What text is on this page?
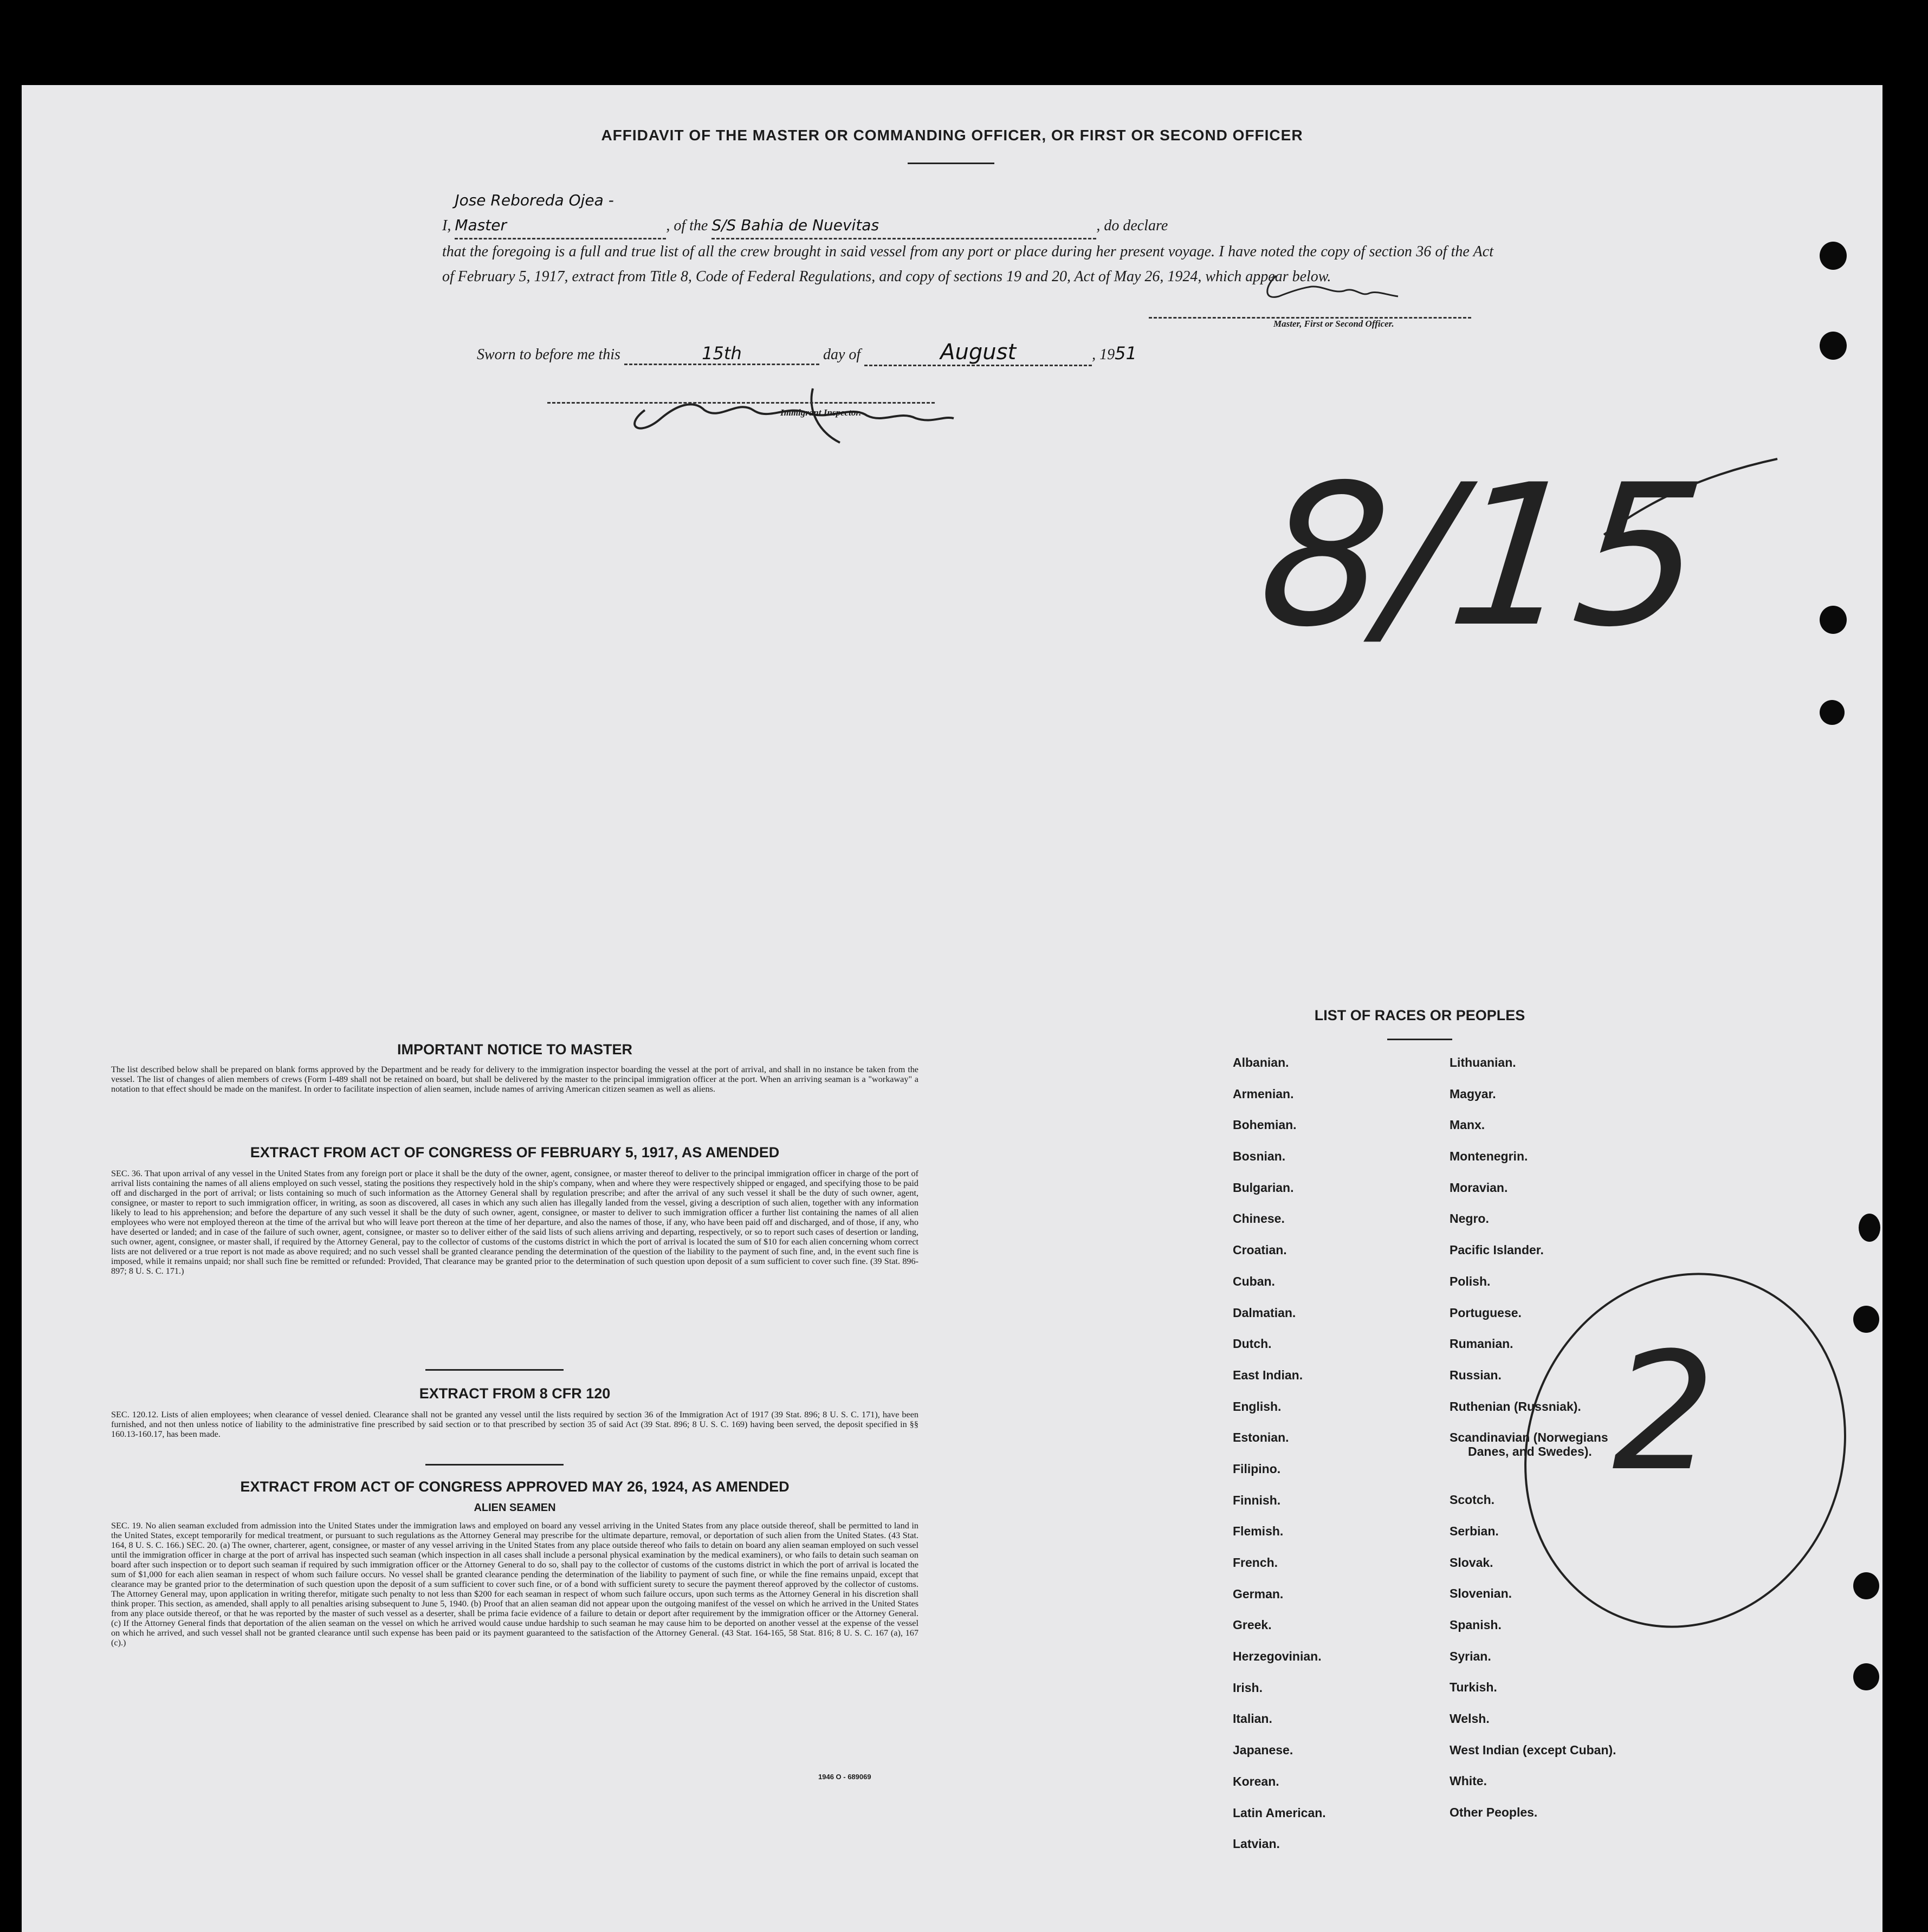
AFFIDAVIT OF THE MASTER OR COMMANDING OFFICER, OR FIRST OR SECOND OFFICER
I, Jose Reboreda Ojea - Master	, of the S/S Bahia de Nuevitas	, do declare
that the foregoing is a full and true list of all the crew brought in said vessel from any port or place during her present voyage. I have noted the copy of section 36 of the Act of February 5, 1917, extract from Title 8, Code of Federal Regulations, and copy of sections 19 and 20, Act of May 26, 1924, which appear below.
Master, First or Second Officer.
Sworn to before me this	15th	day of	August	, 1951
Immigrant Inspector.
8/15
2
IMPORTANT NOTICE TO MASTER
The list described below shall be prepared on blank forms approved by the Department and be ready for delivery to the immigration inspector boarding the vessel at the port of arrival, and shall in no instance be taken from the vessel. The list of changes of alien members of crews (Form I-489 shall not be retained on board, but shall be delivered by the master to the principal immigration officer at the port. When an arriving seaman is a "workaway" a notation to that effect should be made on the manifest. In order to facilitate inspection of alien seamen, include names of arriving American citizen seamen as well as aliens.
EXTRACT FROM ACT OF CONGRESS OF FEBRUARY 5, 1917, AS AMENDED
SEC. 36. That upon arrival of any vessel in the United States from any foreign port or place it shall be the duty of the owner, agent, consignee, or master thereof to deliver to the principal immigration officer in charge of the port of arrival lists containing the names of all aliens employed on such vessel, stating the positions they respectively hold in the ship's company, when and where they were respectively shipped or engaged, and specifying those to be paid off and discharged in the port of arrival; or lists containing so much of such information as the Attorney General shall by regulation prescribe; and after the arrival of any such vessel it shall be the duty of such owner, agent, consignee, or master to report to such immigration officer, in writing, as soon as discovered, all cases in which any such alien has illegally landed from the vessel, giving a description of such alien, together with any information likely to lead to his apprehension; and before the departure of any such vessel it shall be the duty of such owner, agent, consignee, or master to deliver to such immigration officer a further list containing the names of all alien employees who were not employed thereon at the time of the arrival but who will leave port thereon at the time of her departure, and also the names of those, if any, who have been paid off and discharged, and of those, if any, who have deserted or landed; and in case of the failure of such owner, agent, consignee, or master so to deliver either of the said lists of such aliens arriving and departing, respectively, or so to report such cases of desertion or landing, such owner, agent, consignee, or master shall, if required by the Attorney General, pay to the collector of customs of the customs district in which the port of arrival is located the sum of $10 for each alien concerning whom correct lists are not delivered or a true report is not made as above required; and no such vessel shall be granted clearance pending the determination of the question of the liability to the payment of such fine, and, in the event such fine is imposed, while it remains unpaid; nor shall such fine be remitted or refunded: Provided, That clearance may be granted prior to the determination of such question upon deposit of a sum sufficient to cover such fine. (39 Stat. 896-897; 8 U. S. C. 171.)
EXTRACT FROM 8 CFR 120
SEC. 120.12. Lists of alien employees; when clearance of vessel denied. Clearance shall not be granted any vessel until the lists required by section 36 of the Immigration Act of 1917 (39 Stat. 896; 8 U. S. C. 171), have been furnished, and not then unless notice of liability to the administrative fine prescribed by said section or to that prescribed by section 35 of said Act (39 Stat. 896; 8 U. S. C. 169) having been served, the deposit specified in §§ 160.13-160.17, has been made.
EXTRACT FROM ACT OF CONGRESS APPROVED MAY 26, 1924, AS AMENDED
ALIEN SEAMEN
SEC. 19. No alien seaman excluded from admission into the United States under the immigration laws and employed on board any vessel arriving in the United States from any place outside thereof, shall be permitted to land in the United States, except temporarily for medical treatment, or pursuant to such regulations as the Attorney General may prescribe for the ultimate departure, removal, or deportation of such alien from the United States. (43 Stat. 164, 8 U. S. C. 166.) SEC. 20. (a) The owner, charterer, agent, consignee, or master of any vessel arriving in the United States from any place outside thereof who fails to detain on board any alien seaman employed on such vessel until the immigration officer in charge at the port of arrival has inspected such seaman (which inspection in all cases shall include a personal physical examination by the medical examiners), or who fails to detain such seaman on board after such inspection or to deport such seaman if required by such immigration officer or the Attorney General to do so, shall pay to the collector of customs of the customs district in which the port of arrival is located the sum of $1,000 for each alien seaman in respect of whom such failure occurs. No vessel shall be granted clearance pending the determination of the liability to payment of such fine, or while the fine remains unpaid, except that clearance may be granted prior to the determination of such question upon the deposit of a sum sufficient to cover such fine, or of a bond with sufficient surety to secure the payment thereof approved by the collector of customs. The Attorney General may, upon application in writing therefor, mitigate such penalty to not less than $200 for each seaman in respect of whom such failure occurs, upon such terms as the Attorney General in his discretion shall think proper. This section, as amended, shall apply to all penalties arising subsequent to June 5, 1940. (b) Proof that an alien seaman did not appear upon the outgoing manifest of the vessel on which he arrived in the United States from any place outside thereof, or that he was reported by the master of such vessel as a deserter, shall be prima facie evidence of a failure to detain or deport after requirement by the immigration officer or the Attorney General. (c) If the Attorney General finds that deportation of the alien seaman on the vessel on which he arrived would cause undue hardship to such seaman he may cause him to be deported on another vessel at the expense of the vessel on which he arrived, and such vessel shall not be granted clearance until such expense has been paid or its payment guaranteed to the satisfaction of the Attorney General. (43 Stat. 164-165, 58 Stat. 816; 8 U. S. C. 167 (a), 167 (c).)
1946 O - 689069
LIST OF RACES OR PEOPLES
Albanian.
Armenian.
Bohemian.
Bosnian.
Bulgarian.
Chinese.
Croatian.
Cuban.
Dalmatian.
Dutch.
East Indian.
English.
Estonian.
Filipino.
Finnish.
Flemish.
French.
German.
Greek.
Herzegovinian.
Irish.
Italian.
Japanese.
Korean.
Latin American.
Latvian.
Lithuanian.
Magyar.
Manx.
Montenegrin.
Moravian.
Negro.
Pacific Islander.
Polish.
Portuguese.
Rumanian.
Russian.
Ruthenian (Russniak).
Scandinavian (Norwegians
Danes, and Swedes).
Scotch.
Serbian.
Slovak.
Slovenian.
Spanish.
Syrian.
Turkish.
Welsh.
West Indian (except Cuban).
White.
Other Peoples.
